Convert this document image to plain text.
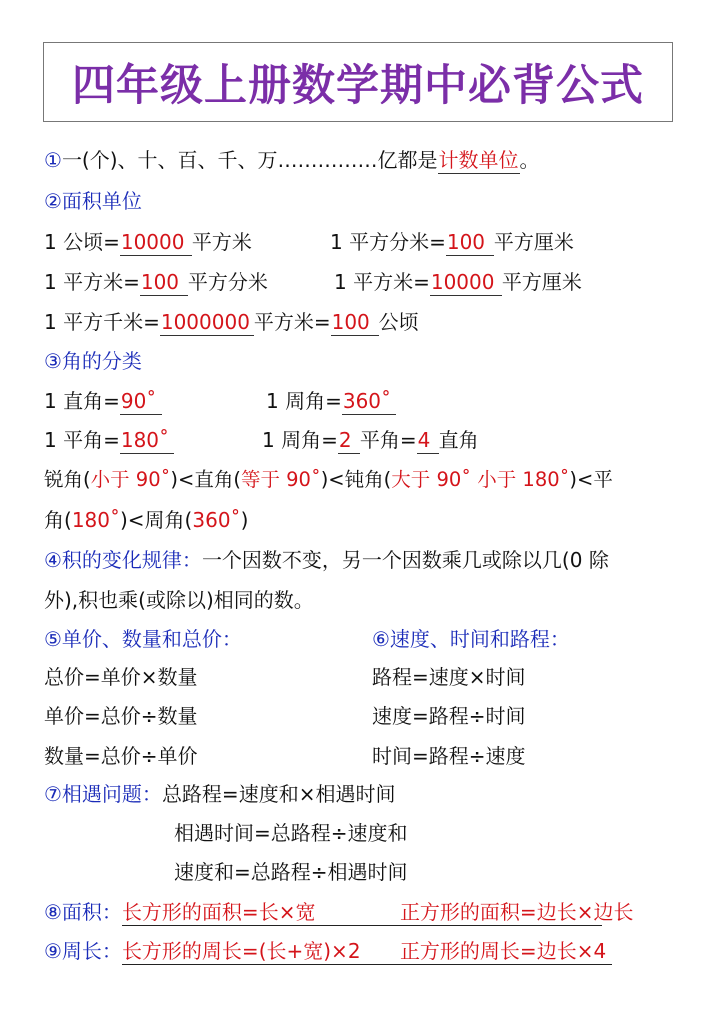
四年级上册数学期中必背公式
①一(个)、十、百、千、万……………亿都是计数单位。
②面积单位
1 公顷=10000 平方米	1 平方分米=100 平方厘米
1 平方米=100 平方分米	1 平方米=10000 平方厘米
1 平方千米=1000000 平方米=100 公顷
③角的分类
1 直角=90˚	1 周角=360˚
1 平角=180˚	1 周角=2 平角=4 直角
锐角(小于 90˚)<直角(等于 90˚)<钝角(大于 90˚ 小于 180˚)<平
角(180˚)<周角(360˚)
④积的变化规律：一个因数不变，另一个因数乘几或除以几(0 除
外),积也乘(或除以)相同的数。
⑤单价、数量和总价：	⑥速度、时间和路程：
总价=单价×数量	路程=速度×时间
单价=总价÷数量	速度=路程÷时间
数量=总价÷单价	时间=路程÷速度
⑦相遇问题：总路程=速度和×相遇时间
相遇时间=总路程÷速度和
速度和=总路程÷相遇时间
⑧面积：长方形的面积=长×宽	正方形的面积=边长×边长
⑨周长：长方形的周长=(长+宽)×2 正方形的周长=边长×4
